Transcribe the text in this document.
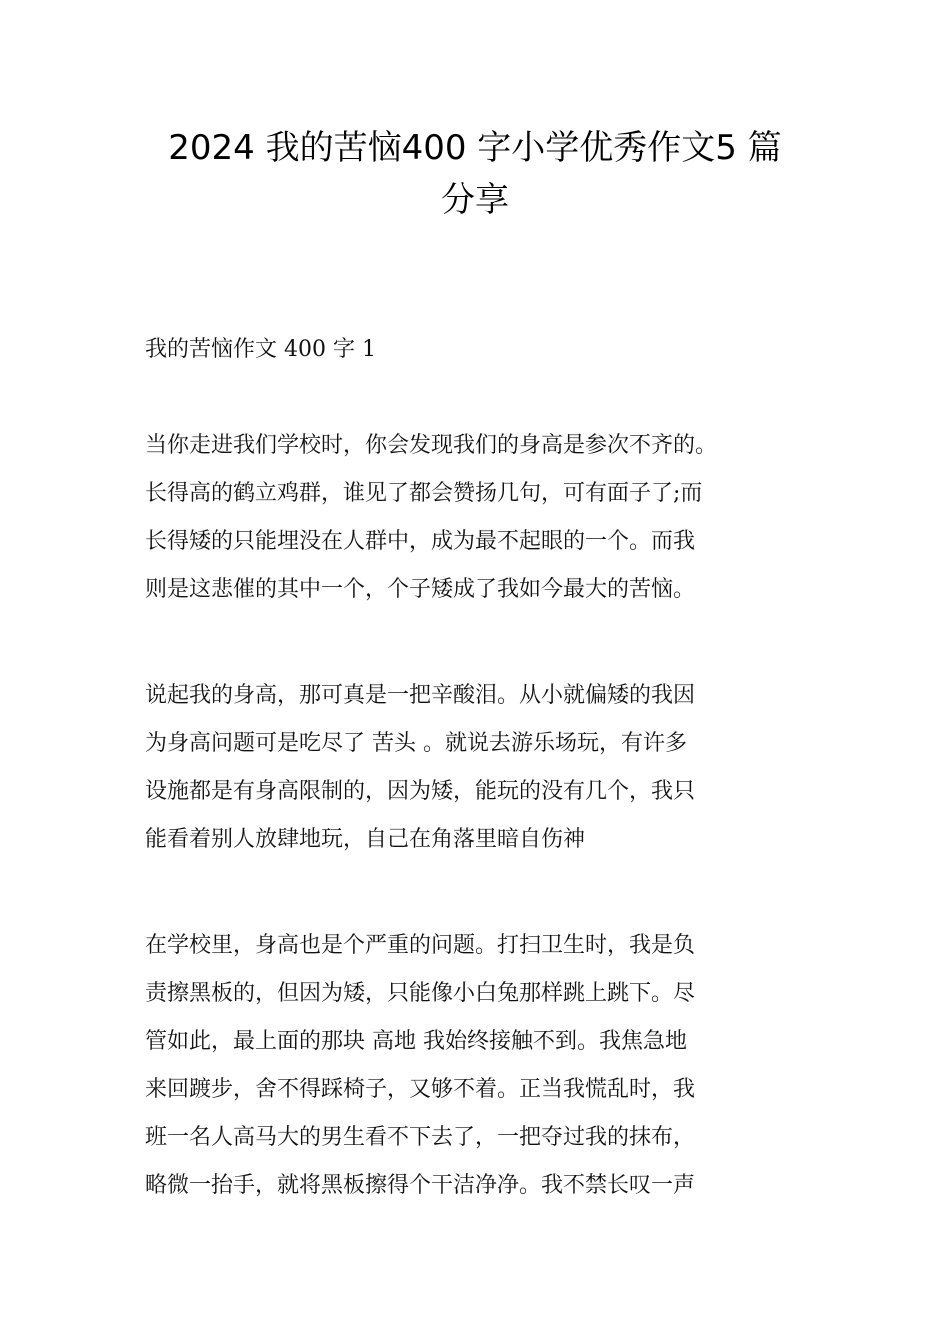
2024 我的苦恼400 字小学优秀作文5 篇
分享
我的苦恼作文 400 字 1

当你走进我们学校时，你会发现我们的身高是参次不齐的。
长得高的鹤立鸡群，谁见了都会赞扬几句，可有面子了;而
长得矮的只能埋没在人群中，成为最不起眼的一个。而我
则是这悲催的其中一个，个子矮成了我如今最大的苦恼。

说起我的身高，那可真是一把辛酸泪。从小就偏矮的我因
为身高问题可是吃尽了 苦头 。就说去游乐场玩，有许多
设施都是有身高限制的，因为矮，能玩的没有几个，我只
能看着别人放肆地玩，自己在角落里暗自伤神

在学校里，身高也是个严重的问题。打扫卫生时，我是负
责擦黑板的，但因为矮，只能像小白兔那样跳上跳下。尽
管如此，最上面的那块 高地 我始终接触不到。我焦急地
来回踱步，舍不得踩椅子，又够不着。正当我慌乱时，我
班一名人高马大的男生看不下去了，一把夺过我的抹布，
略微一抬手，就将黑板擦得个干洁净净。我不禁长叹一声
